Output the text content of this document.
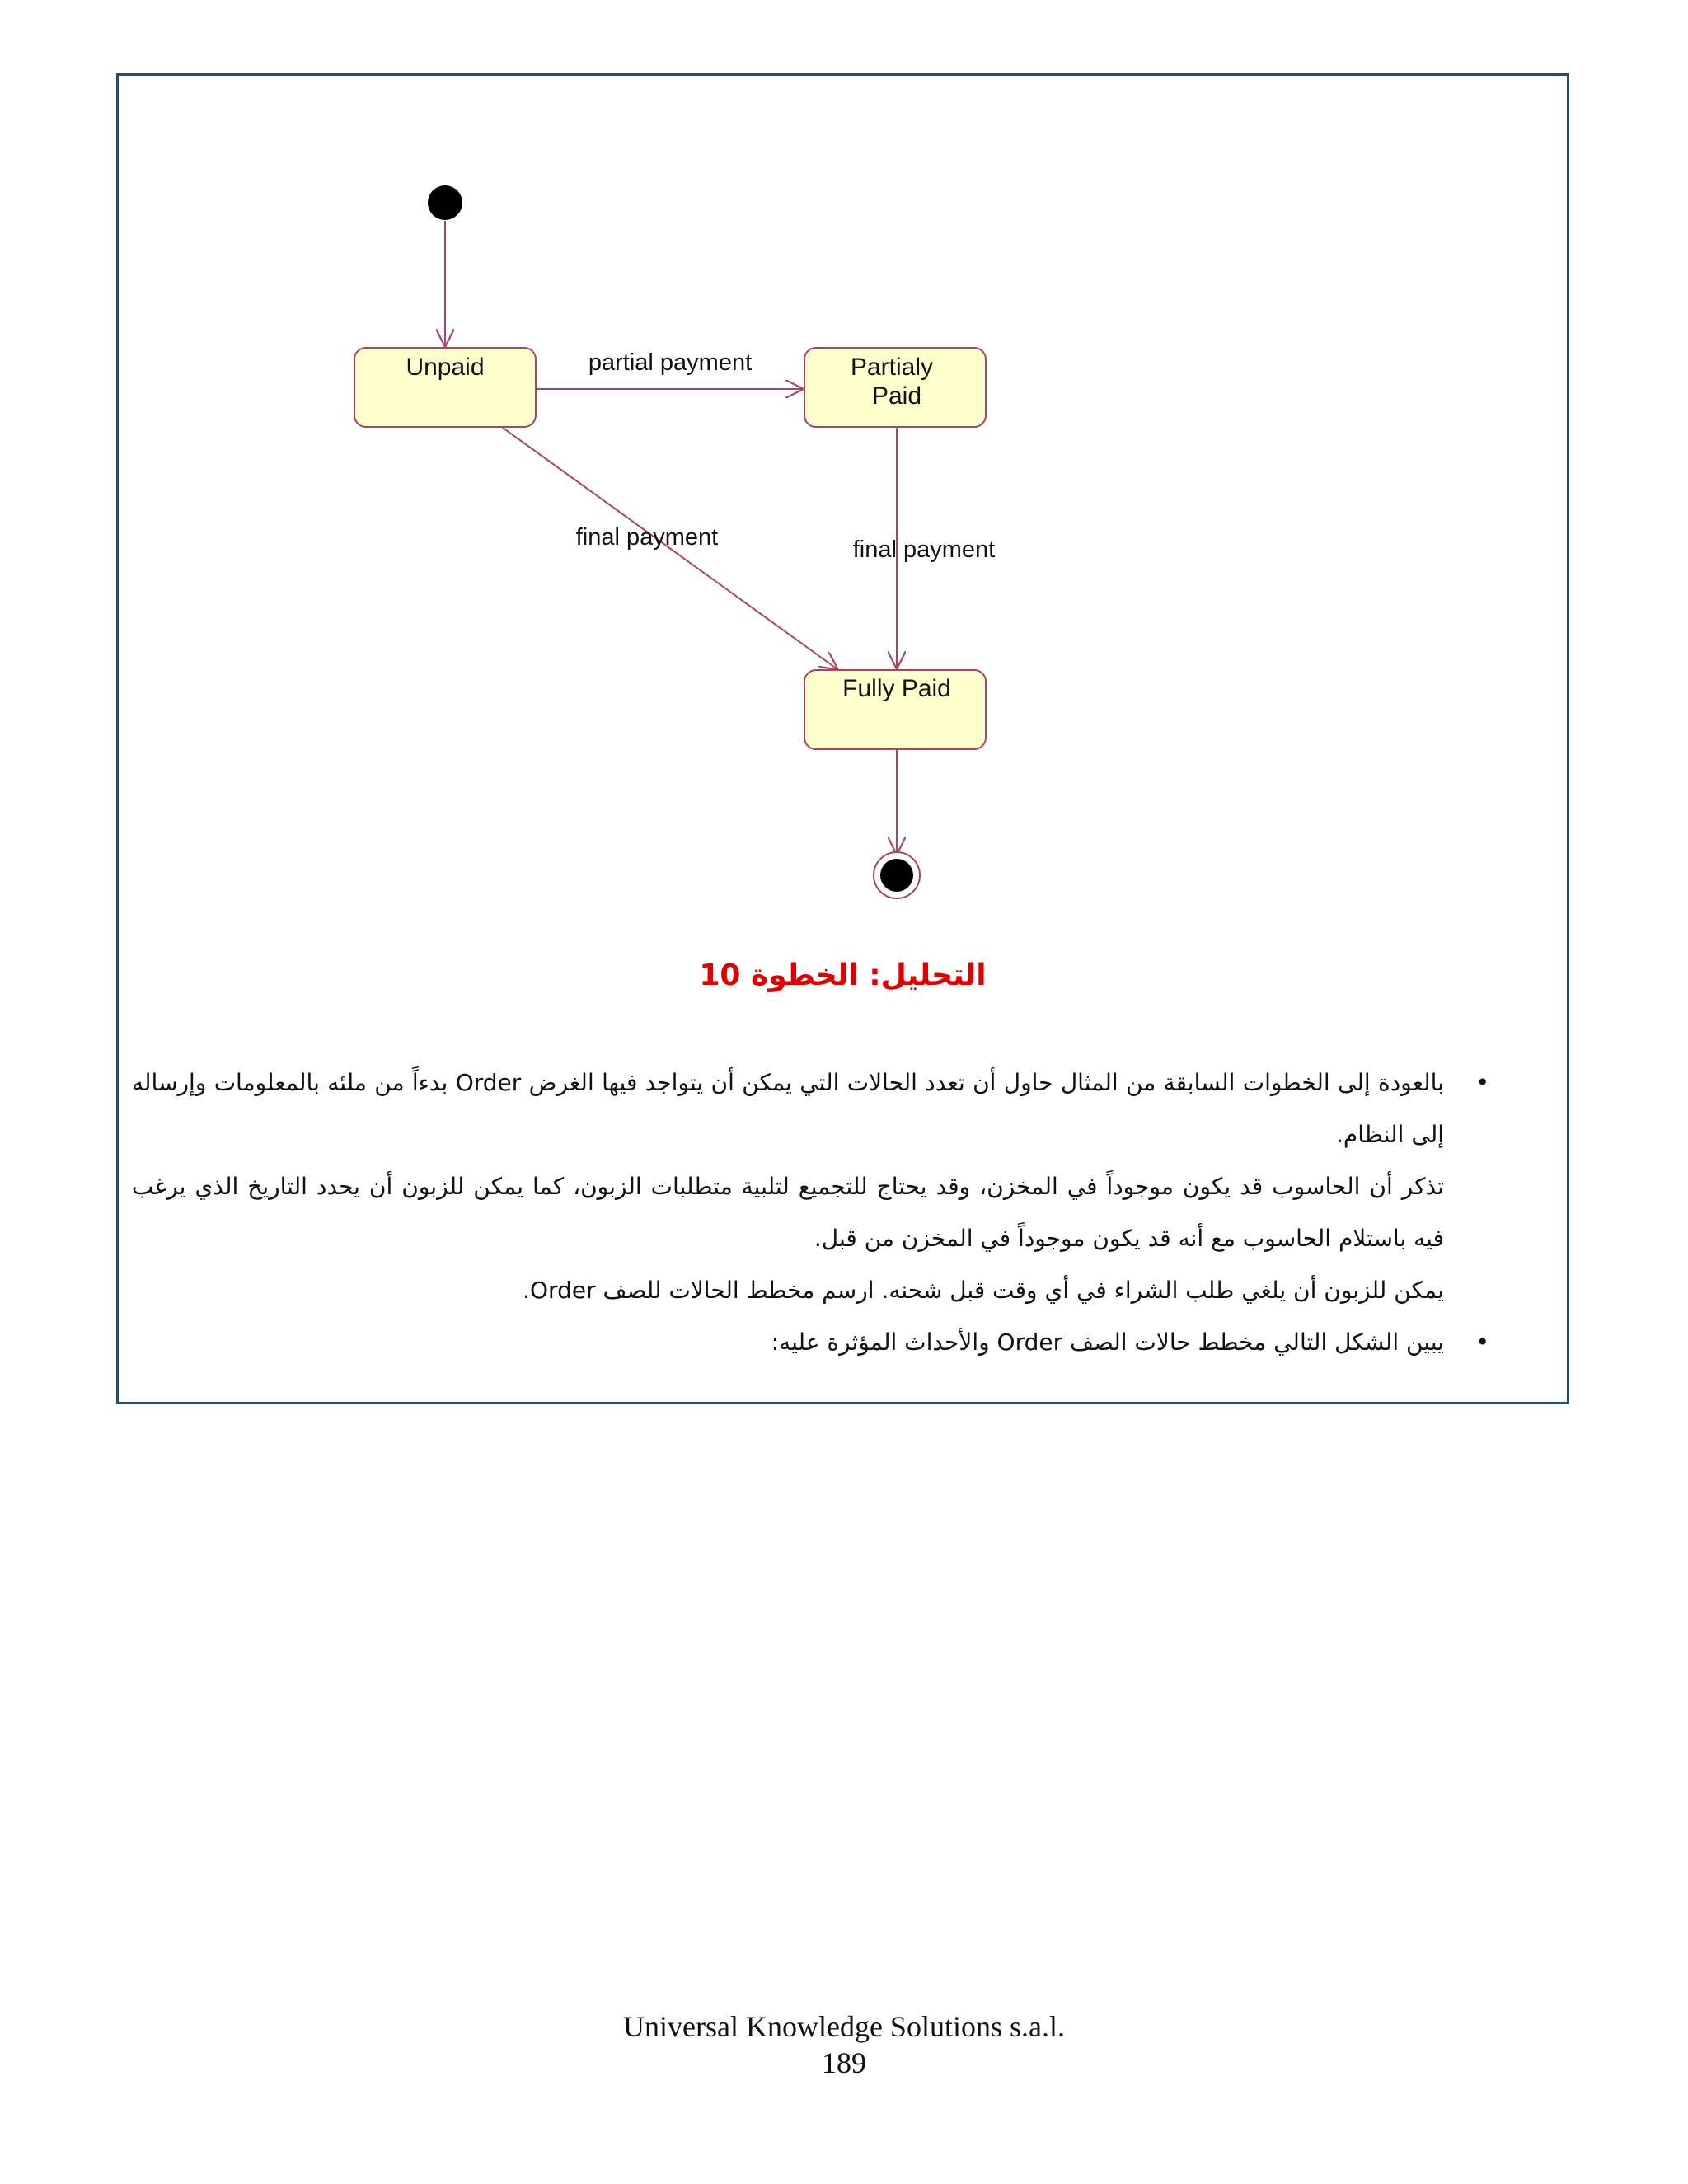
Unpaid	Partialy
Paid
Fully Paid
partial payment
final payment	final payment
التحليل: الخطوة 10

•
بالعودة إلى الخطوات السابقة من المثال حاول أن تعدد الحالات التي يمكن أن يتواجد فيها الغرض Order بدءاً من ملئه بالمعلومات وإرساله إلى النظام.

تذكر أن الحاسوب قد يكون موجوداً في المخزن، وقد يحتاج للتجميع لتلبية متطلبات الزبون، كما يمكن للزبون أن يحدد التاريخ الذي يرغب فيه باستلام الحاسوب مع أنه قد يكون موجوداً في المخزن من قبل.

يمكن للزبون أن يلغي طلب الشراء في أي وقت قبل شحنه. ارسم مخطط الحالات للصف Order.

•
يبين الشكل التالي مخطط حالات الصف Order والأحداث المؤثرة عليه:

Universal Knowledge Solutions s.a.l.
189
